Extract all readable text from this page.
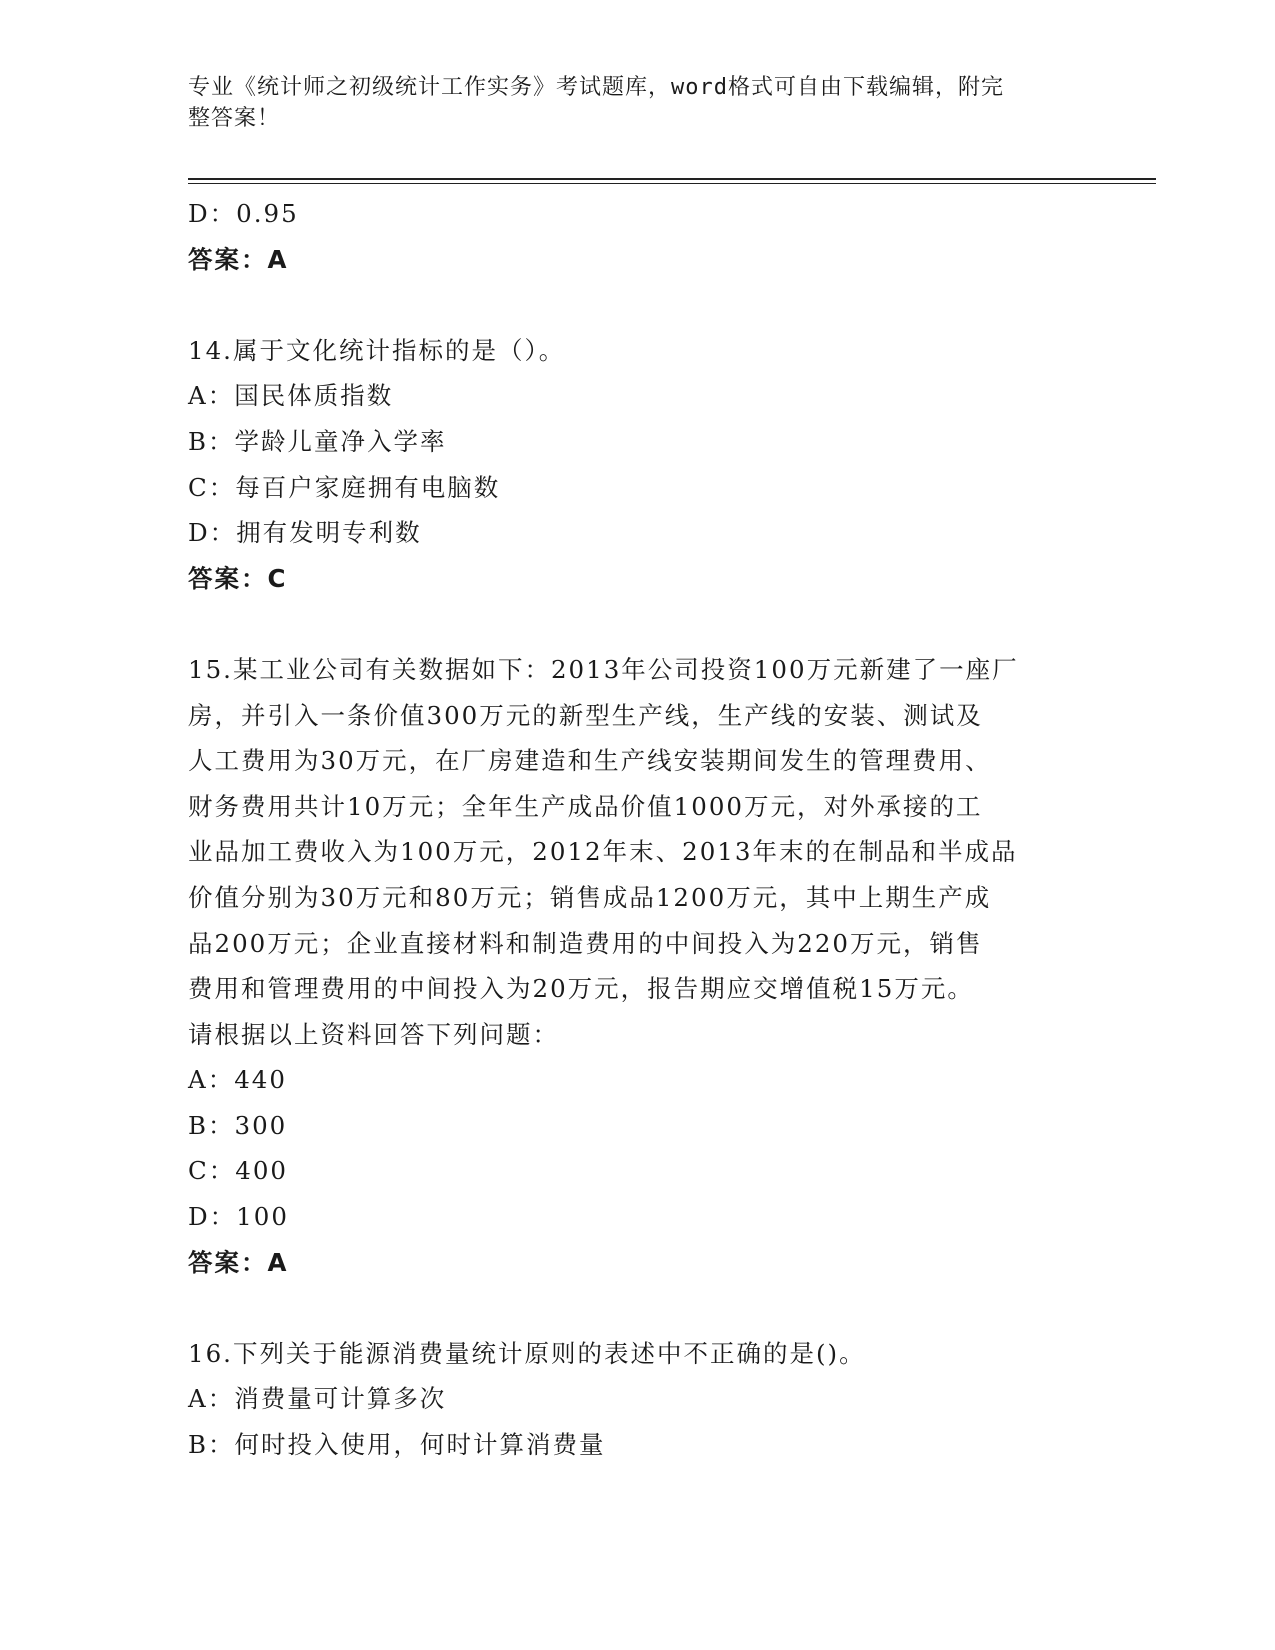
专业《统计师之初级统计工作实务》考试题库，word格式可自由下载编辑，附完
整答案！
D：0.95
答案：A
14.属于文化统计指标的是（）。
A：国民体质指数
B：学龄儿童净入学率
C：每百户家庭拥有电脑数
D：拥有发明专利数
答案：C
15.某工业公司有关数据如下：2013年公司投资100万元新建了一座厂
房，并引入一条价值300万元的新型生产线，生产线的安装、测试及
人工费用为30万元，在厂房建造和生产线安装期间发生的管理费用、
财务费用共计10万元；全年生产成品价值1000万元，对外承接的工
业品加工费收入为100万元，2012年末、2013年末的在制品和半成品
价值分别为30万元和80万元；销售成品1200万元，其中上期生产成
品200万元；企业直接材料和制造费用的中间投入为220万元，销售
费用和管理费用的中间投入为20万元，报告期应交增值税15万元。
请根据以上资料回答下列问题：
A：440
B：300
C：400
D：100
答案：A
16.下列关于能源消费量统计原则的表述中不正确的是()。
A：消费量可计算多次
B：何时投入使用，何时计算消费量
